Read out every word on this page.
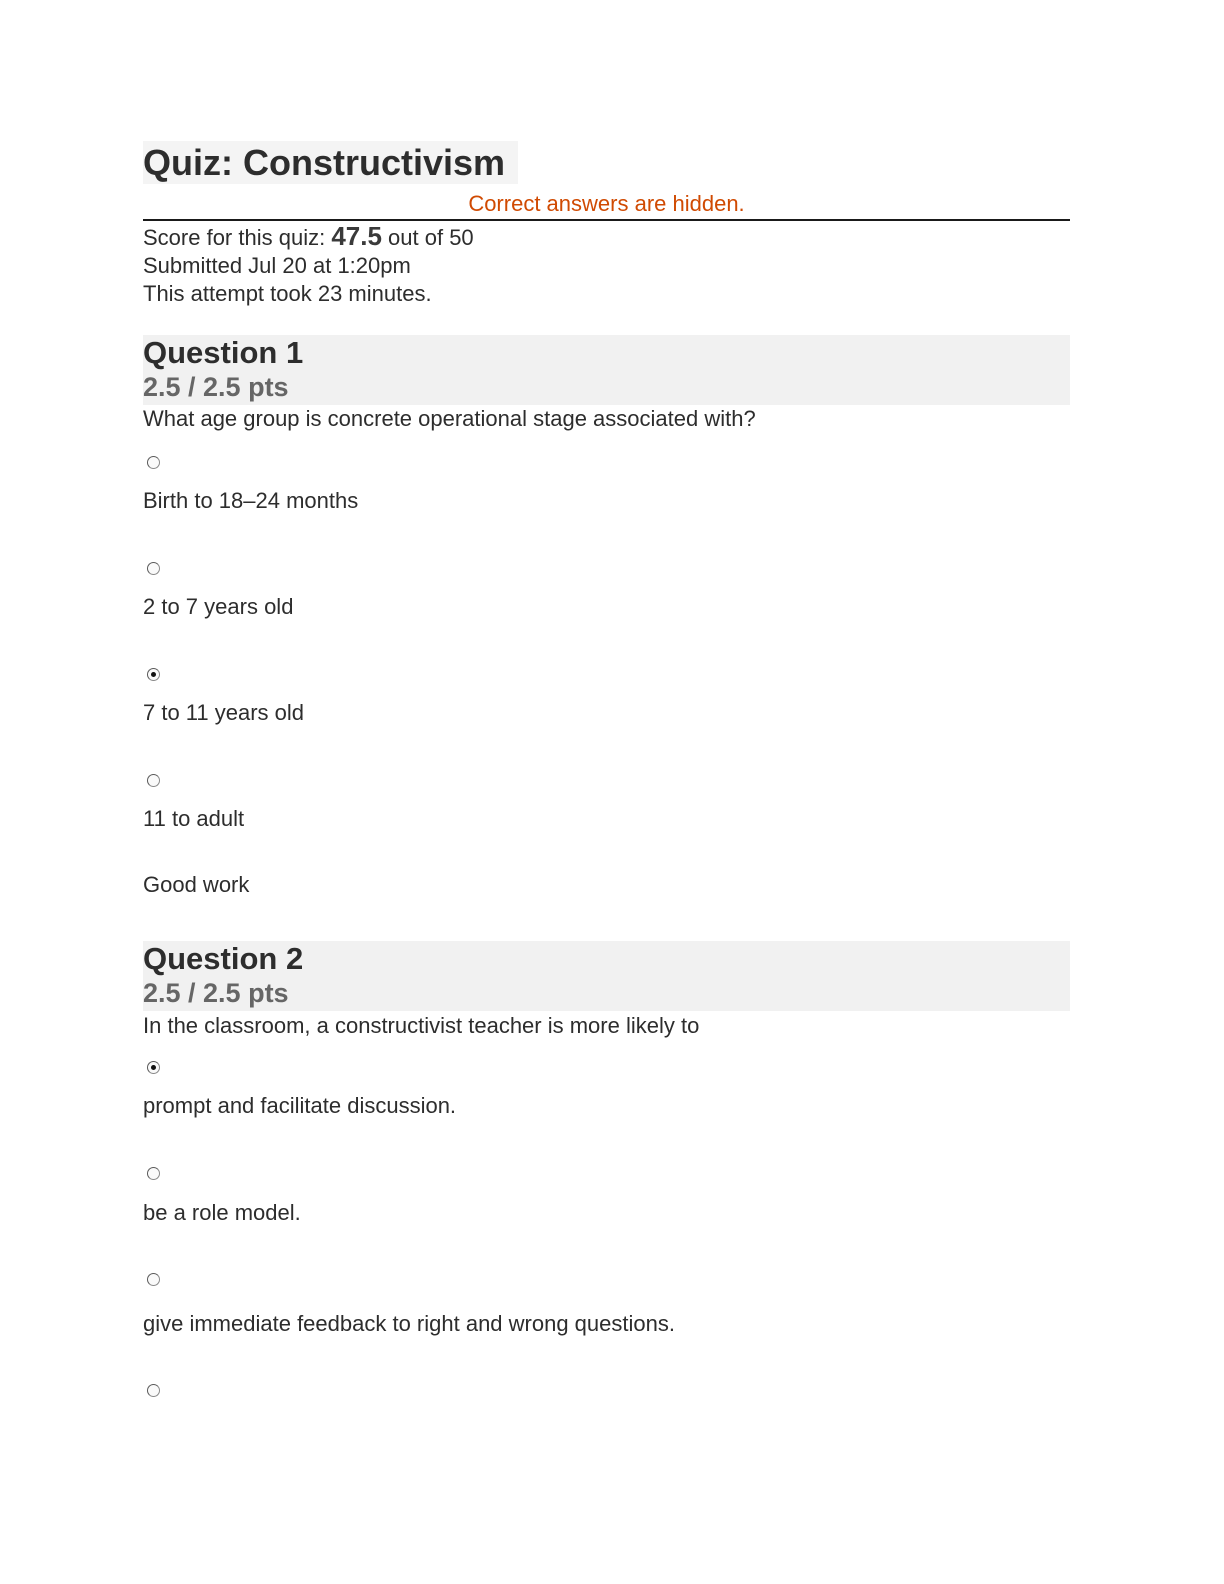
Quiz: Constructivism
Correct answers are hidden.
Score for this quiz: 47.5 out of 50
Submitted Jul 20 at 1:20pm
This attempt took 23 minutes.
Question 1
2.5 / 2.5 pts
What age group is concrete operational stage associated with?
Birth to 18–24 months
2 to 7 years old
7 to 11 years old
11 to adult
Good work
Question 2
2.5 / 2.5 pts
In the classroom, a constructivist teacher is more likely to
prompt and facilitate discussion.
be a role model.
give immediate feedback to right and wrong questions.
